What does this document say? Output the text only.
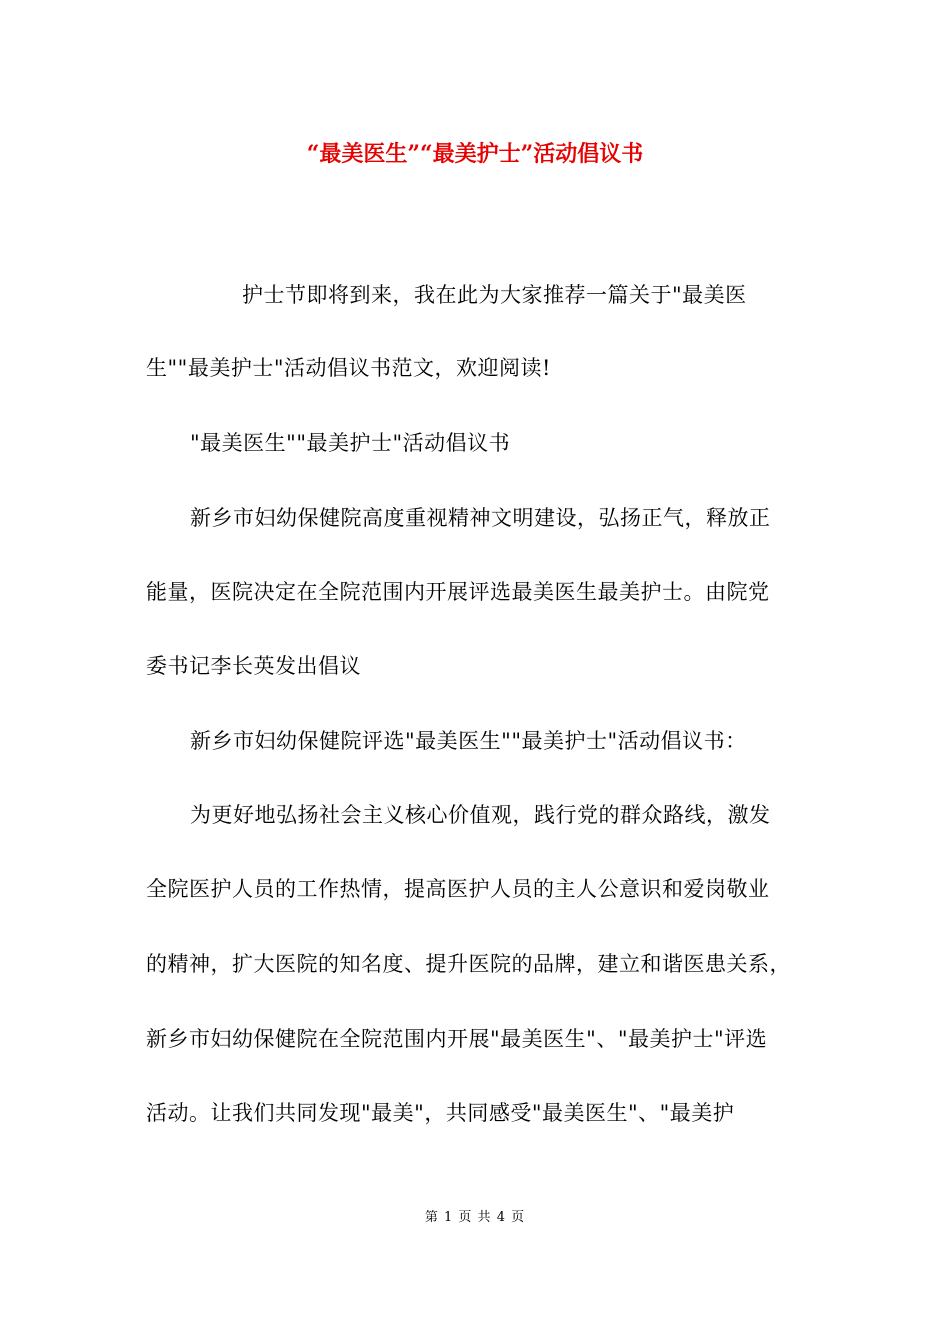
“最美医生”“最美护士”活动倡议书
护士节即将到来，我在此为大家推荐一篇关于"最美医
生""最美护士"活动倡议书范文，欢迎阅读!
"最美医生""最美护士"活动倡议书
新乡市妇幼保健院高度重视精神文明建设，弘扬正气，释放正
能量，医院决定在全院范围内开展评选最美医生最美护士。由院党
委书记李长英发出倡议
新乡市妇幼保健院评选"最美医生""最美护士"活动倡议书：
为更好地弘扬社会主义核心价值观，践行党的群众路线，激发
全院医护人员的工作热情，提高医护人员的主人公意识和爱岗敬业
的精神，扩大医院的知名度、提升医院的品牌，建立和谐医患关系，
新乡市妇幼保健院在全院范围内开展"最美医生"、"最美护士"评选
活动。让我们共同发现"最美"，共同感受"最美医生"、"最美护
第 1 页 共 4 页
